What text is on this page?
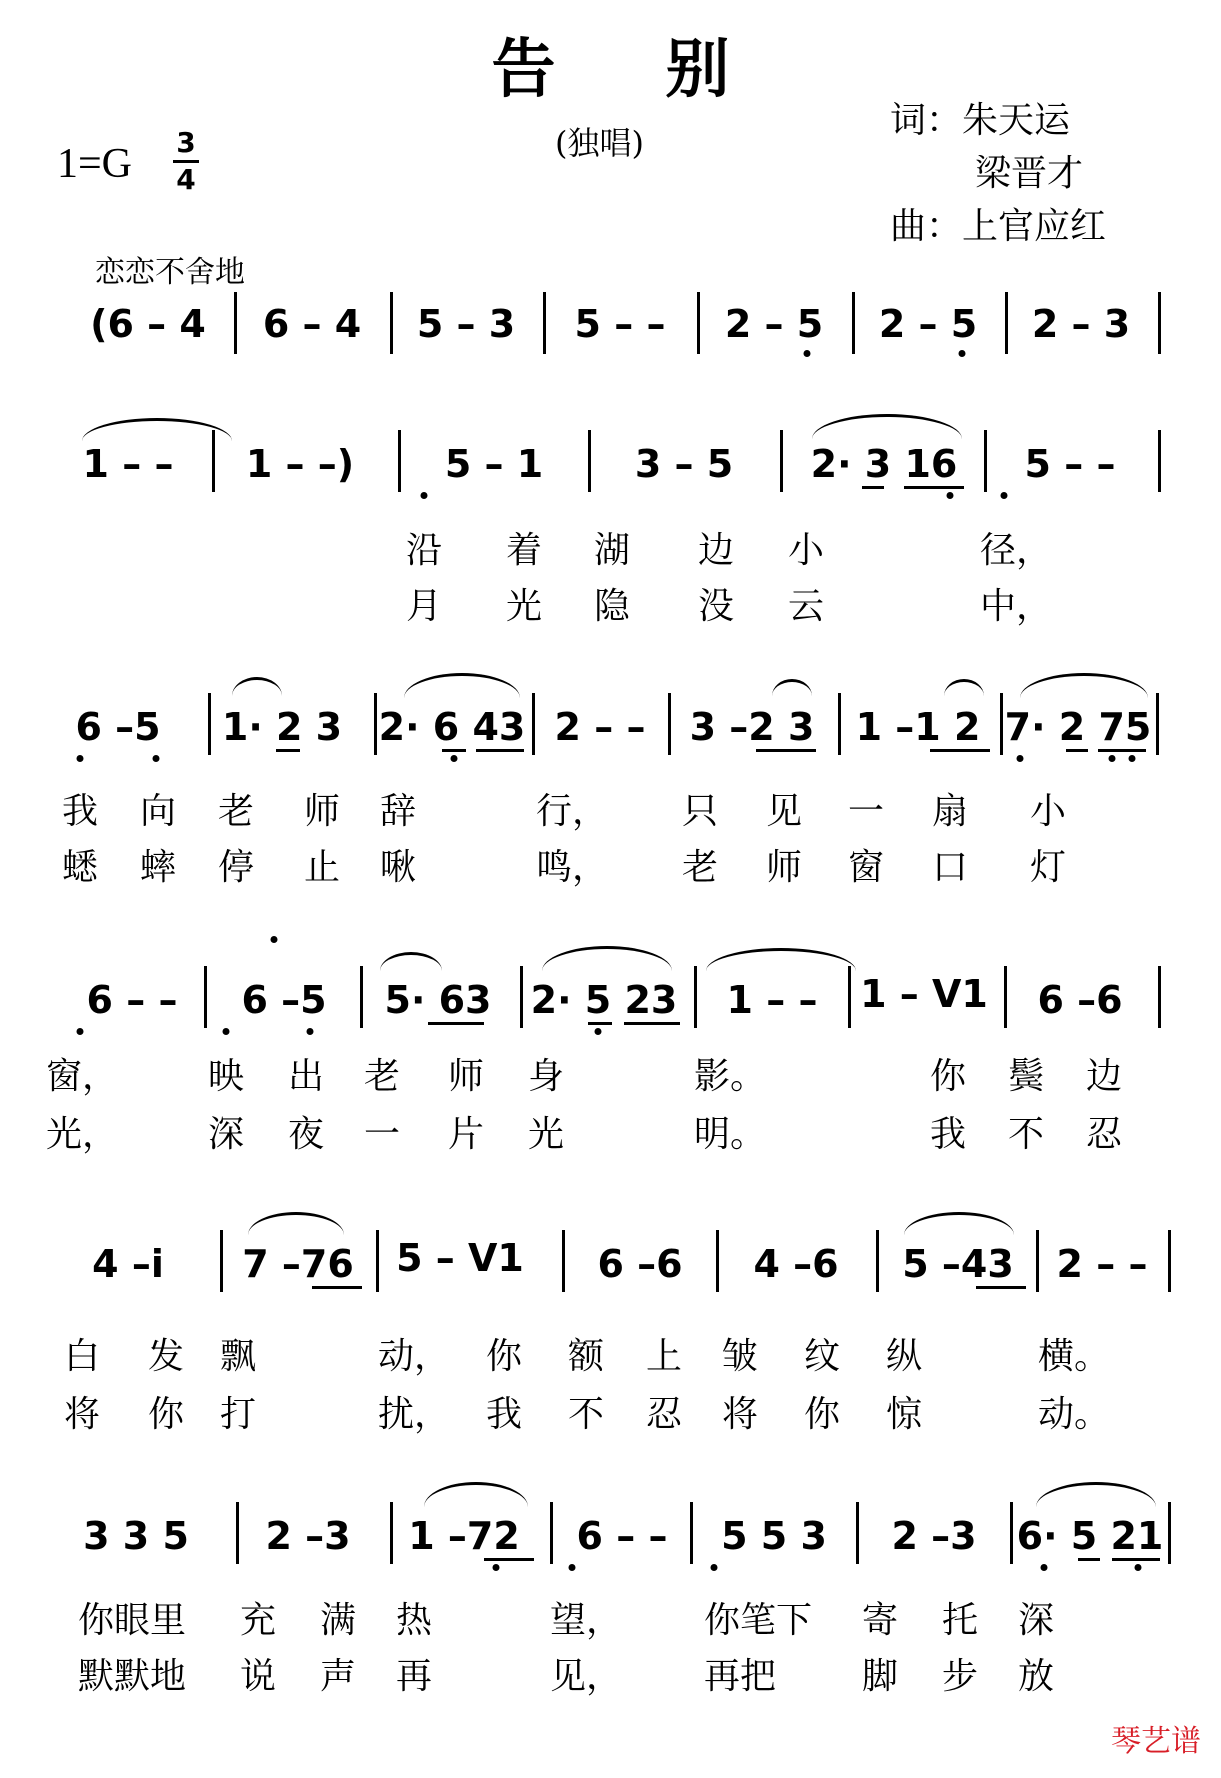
告别
(独唱)
词：朱天运
梁晋才
曲：上官应红
1=G 3
4
恋恋不舍地
(6 – 4 6 – 4 5 – 3 5 – – 2 – 5 2 – 5 2 – 3
1 – – 1 – –) 5 – 1 3 – 5 2· 3 16 5 – –
沿 着 湖 边 小	径，
月 光 隐 没 云	中，
6 –5 1· 2 3 2· 6 43 2 – – 3 –2 3 1 –1 2 7· 2 75
我 向 老 师 辞	行， 只 见 一 扇 小
蟋 蟀 停 止 啾	鸣， 老 师 窗 口 灯
6 – – 6 –5 5· 63 2· 5 23 1 – – 1 – ᐯ1 6 –6
窗， 映 出 老 师 身	影。	你 鬓 边
光， 深 夜 一 片 光	明。	我 不 忍
4 –i 7 –76 5 – ᐯ1 6 –6 4 –6 5 –43 2 – –
白 发 飘	动， 你 额 上 皱 纹 纵	横。
将 你 打	扰， 我 不 忍 将 你 惊	动。
3 3 5 2 –3 1 –72 6 – – 5 5 3 2 –3 6· 5 21
你眼里 充 满 热	望， 你笔下 寄 托 深
默默地 说 声 再	见， 再把 脚 步 放
琴艺谱
